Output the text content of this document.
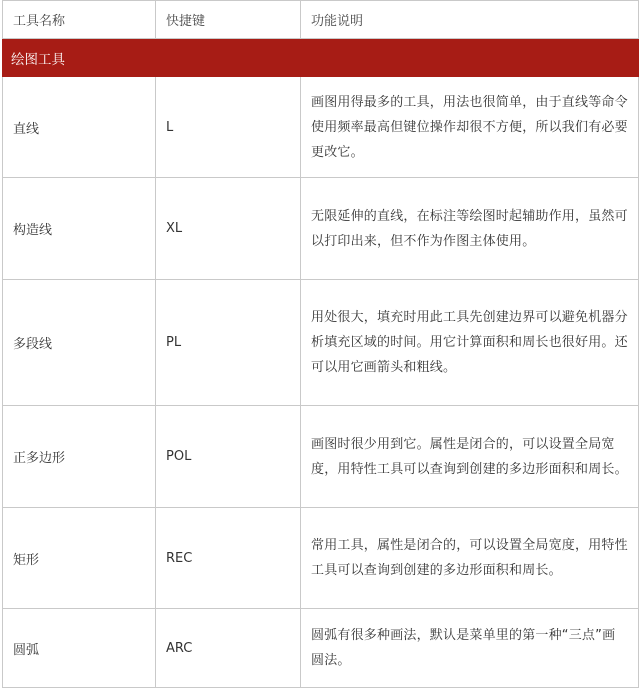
工具名称	快捷键	功能说明
绘图工具		
直线	L	画图用得最多的工具，用法也很简单，由于直线等命令使用频率最高但键位操作却很不方便，所以我们有必要更改它。
构造线	XL	无限延伸的直线，在标注等绘图时起辅助作用，虽然可以打印出来，但不作为作图主体使用。
多段线	PL	用处很大，填充时用此工具先创建边界可以避免机器分析填充区域的时间。用它计算面积和周长也很好用。还可以用它画箭头和粗线。
正多边形	POL	画图时很少用到它。属性是闭合的，可以设置全局宽度，用特性工具可以查询到创建的多边形面积和周长。
矩形	REC	常用工具，属性是闭合的，可以设置全局宽度，用特性工具可以查询到创建的多边形面积和周长。
圆弧	ARC	圆弧有很多种画法，默认是菜单里的第一种“三点”画圆法。
